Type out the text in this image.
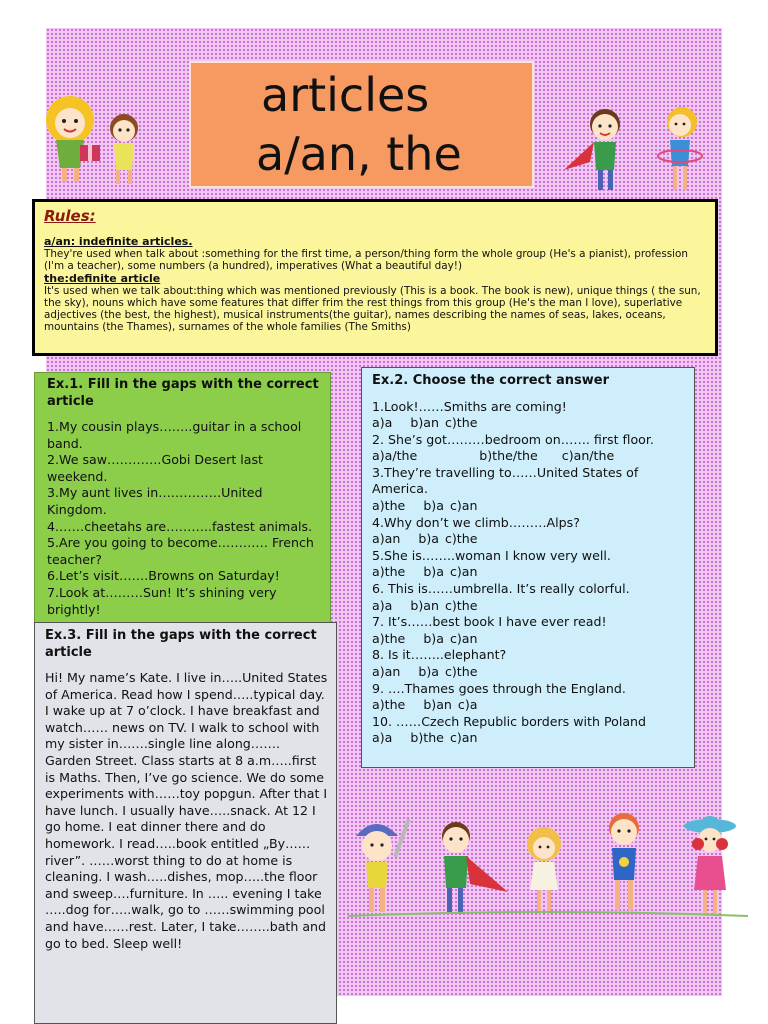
articles
a/an, the
Rules:
a/an: indefinite articles.
They're used when talk about :something for the first time, a person/thing form the whole group (He's a pianist), profession (I'm a teacher), some numbers (a hundred), imperatives (What a beautiful day!)
the:definite article
It's used when we talk about:thing which was mentioned previously (This is a book. The book is new), unique things ( the sun, the sky), nouns which have some features that differ frim the rest things from this group (He's the man I love), superlative adjectives (the best, the highest), musical instruments(the guitar), names describing the names of seas, lakes, oceans, mountains (the Thames), surnames of the whole families (The Smiths)
Ex.1. Fill in the gaps with the correct article
1.My cousin plays……..guitar in a school band.
2.We saw………….Gobi Desert last weekend.
3.My aunt lives in……………United Kingdom.
4.……cheetahs are………..fastest animals.
5.Are you going to become………… French teacher?
6.Let’s visit…….Browns on Saturday!
7.Look at………Sun! It’s shining very brightly!
Ex.2. Choose the correct answer
1.Look!……Smiths are coming!
a)a b)an c)the
2. She’s got………bedroom on……. first floor.
a)a/the	b)the/the c)an/the
3.They’re travelling to……United States of America.
a)the b)a c)an
4.Why don’t we climb………Alps?
a)an b)a c)the
5.She is……..woman I know very well.
a)the b)a c)an
6. This is……umbrella. It’s really colorful.
a)a b)an c)the
7. It’s……best book I have ever read!
a)the b)a c)an
8. Is it……..elephant?
a)an b)a c)the
9. ….Thames goes through the England.
a)the b)an c)a
10. ……Czech Republic borders with Poland
a)a b)the c)an
Ex.3. Fill in the gaps with the correct article
Hi! My name’s Kate. I live in…..United States of America. Read how I spend…..typical day. I wake up at 7 o’clock. I have breakfast and watch…… news on TV. I walk to school with my sister in…….single line along……. Garden Street. Class starts at 8 a.m…..first is Maths. Then, I’ve go science. We do some experiments with……toy popgun. After that I have lunch. I usually have…..snack. At 12 I go home. I eat dinner there and do homework. I read…..book entitled „By……river”. ……worst thing to do at home is cleaning. I wash…..dishes, mop…..the floor and sweep….furniture. In ….. evening I take …..dog for…..walk, go to ……swimming pool and have……rest. Later, I take……..bath and go to bed. Sleep well!
